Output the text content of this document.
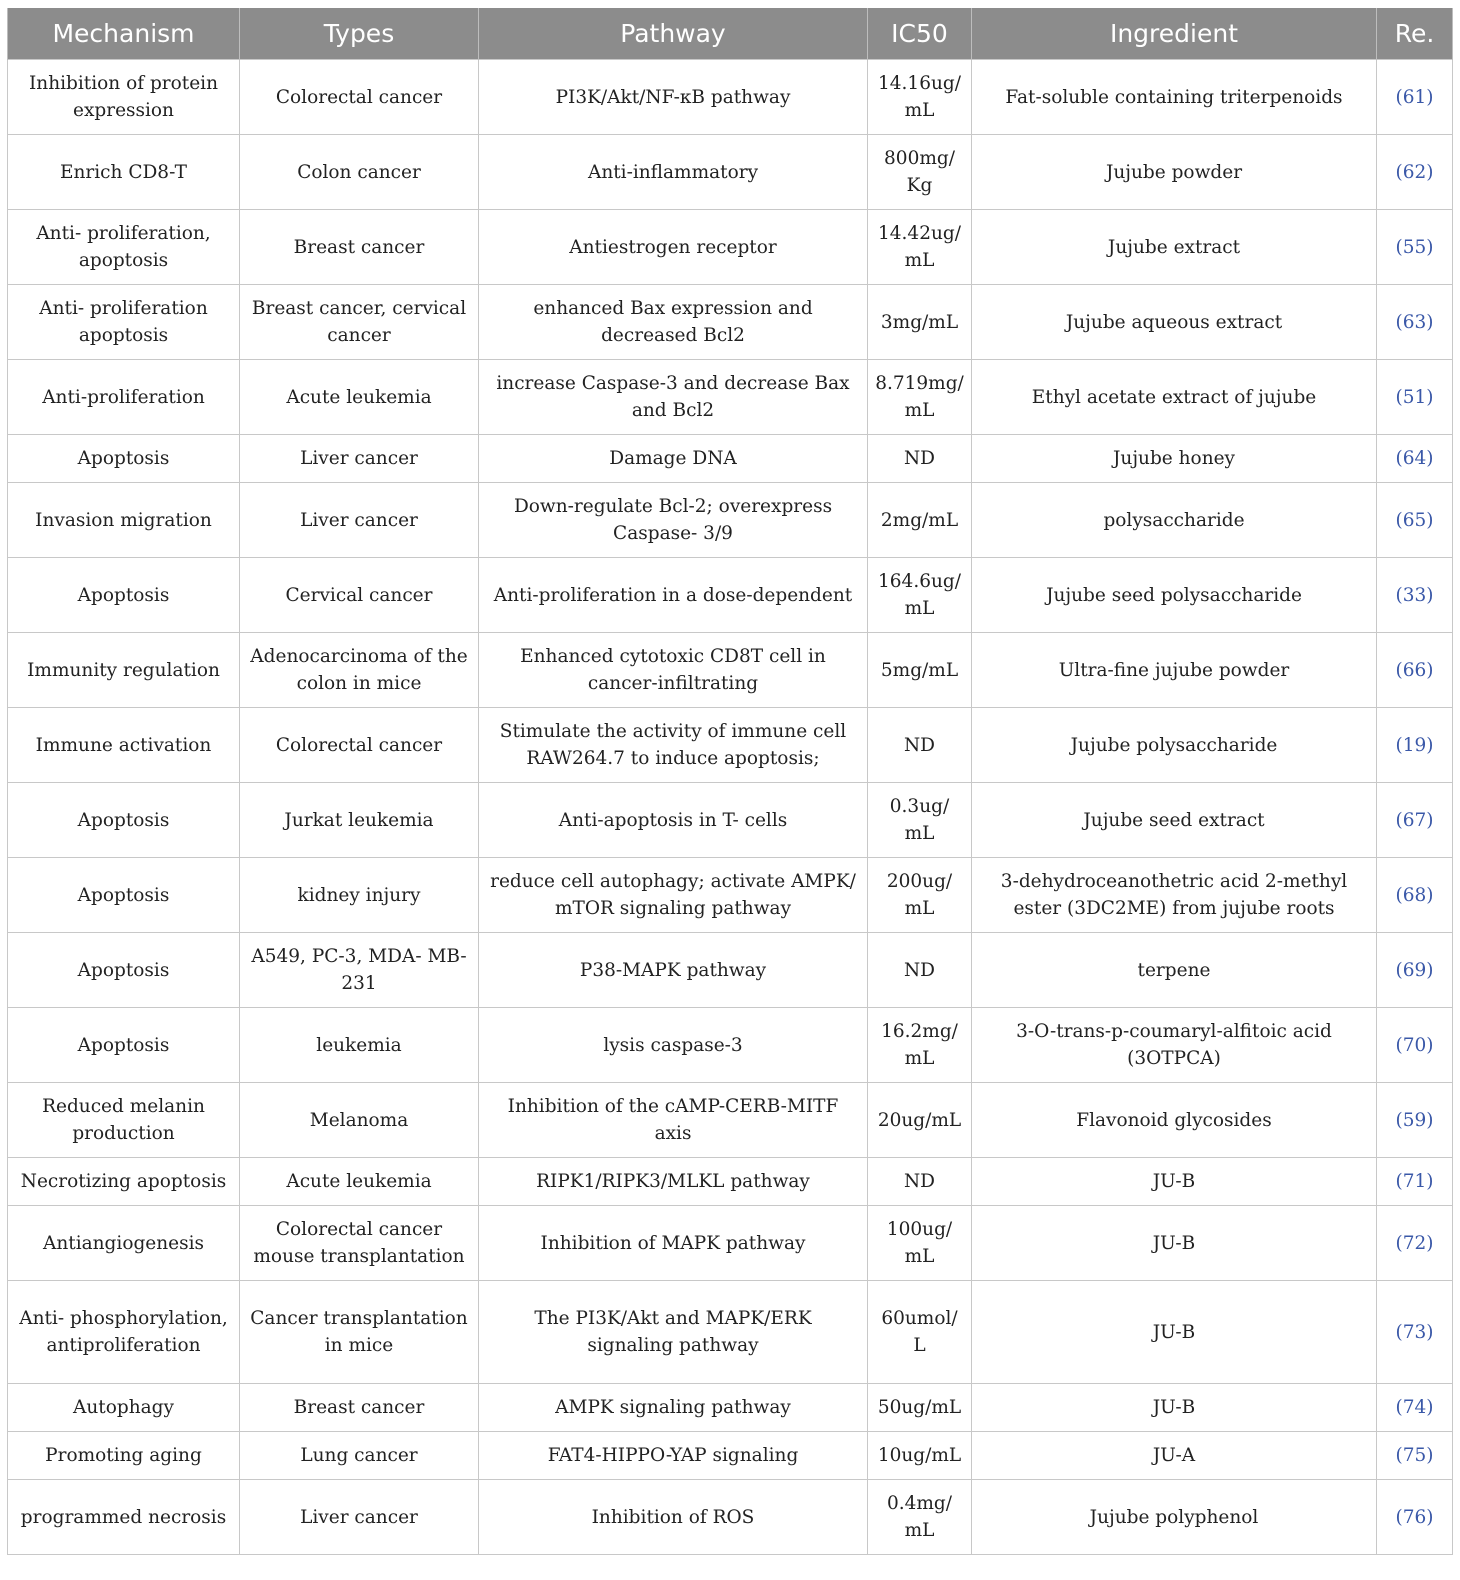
Mechanism	Types	Pathway	IC50	Ingredient	Re.
Inhibition of protein expression	Colorectal cancer	PI3K/Akt/NF-κB pathway	14.16ug/ mL	Fat-soluble containing triterpenoids	(61)
Enrich CD8-T	Colon cancer	Anti-inflammatory	800mg/ Kg	Jujube powder	(62)
Anti- proliferation, apoptosis	Breast cancer	Antiestrogen receptor	14.42ug/ mL	Jujube extract	(55)
Anti- proliferation apoptosis	Breast cancer, cervical cancer	enhanced Bax expression and decreased Bcl2	3mg/mL	Jujube aqueous extract	(63)
Anti-proliferation	Acute leukemia	increase Caspase-3 and decrease Bax and Bcl2	8.719mg/ mL	Ethyl acetate extract of jujube	(51)
Apoptosis	Liver cancer	Damage DNA	ND	Jujube honey	(64)
Invasion migration	Liver cancer	Down-regulate Bcl-2; overexpress Caspase- 3/9	2mg/mL	polysaccharide	(65)
Apoptosis	Cervical cancer	Anti-proliferation in a dose-dependent	164.6ug/ mL	Jujube seed polysaccharide	(33)
Immunity regulation	Adenocarcinoma of the colon in mice	Enhanced cytotoxic CD8T cell in cancer-infiltrating	5mg/mL	Ultra-fine jujube powder	(66)
Immune activation	Colorectal cancer	Stimulate the activity of immune cell RAW264.7 to induce apoptosis;	ND	Jujube polysaccharide	(19)
Apoptosis	Jurkat leukemia	Anti-apoptosis in T- cells	0.3ug/ mL	Jujube seed extract	(67)
Apoptosis	kidney injury	reduce cell autophagy; activate AMPK/ mTOR signaling pathway	200ug/ mL	3-dehydroceanothetric acid 2-methyl ester (3DC2ME) from jujube roots	(68)
Apoptosis	A549, PC-3, MDA- MB-231	P38-MAPK pathway	ND	terpene	(69)
Apoptosis	leukemia	lysis caspase-3	16.2mg/ mL	3-O-trans-p-coumaryl-alfitoic acid (3OTPCA)	(70)
Reduced melanin production	Melanoma	Inhibition of the cAMP-CERB-MITF axis	20ug/mL	Flavonoid glycosides	(59)
Necrotizing apoptosis	Acute leukemia	RIPK1/RIPK3/MLKL pathway	ND	JU-B	(71)
Antiangiogenesis	Colorectal cancer mouse transplantation	Inhibition of MAPK pathway	100ug/ mL	JU-B	(72)
Anti- phosphorylation, antiproliferation	Cancer transplantation in mice	The PI3K/Akt and MAPK/ERK signaling pathway	60umol/ L	JU-B	(73)
Autophagy	Breast cancer	AMPK signaling pathway	50ug/mL	JU-B	(74)
Promoting aging	Lung cancer	FAT4-HIPPO-YAP signaling	10ug/mL	JU-A	(75)
programmed necrosis	Liver cancer	Inhibition of ROS	0.4mg/ mL	Jujube polyphenol	(76)
